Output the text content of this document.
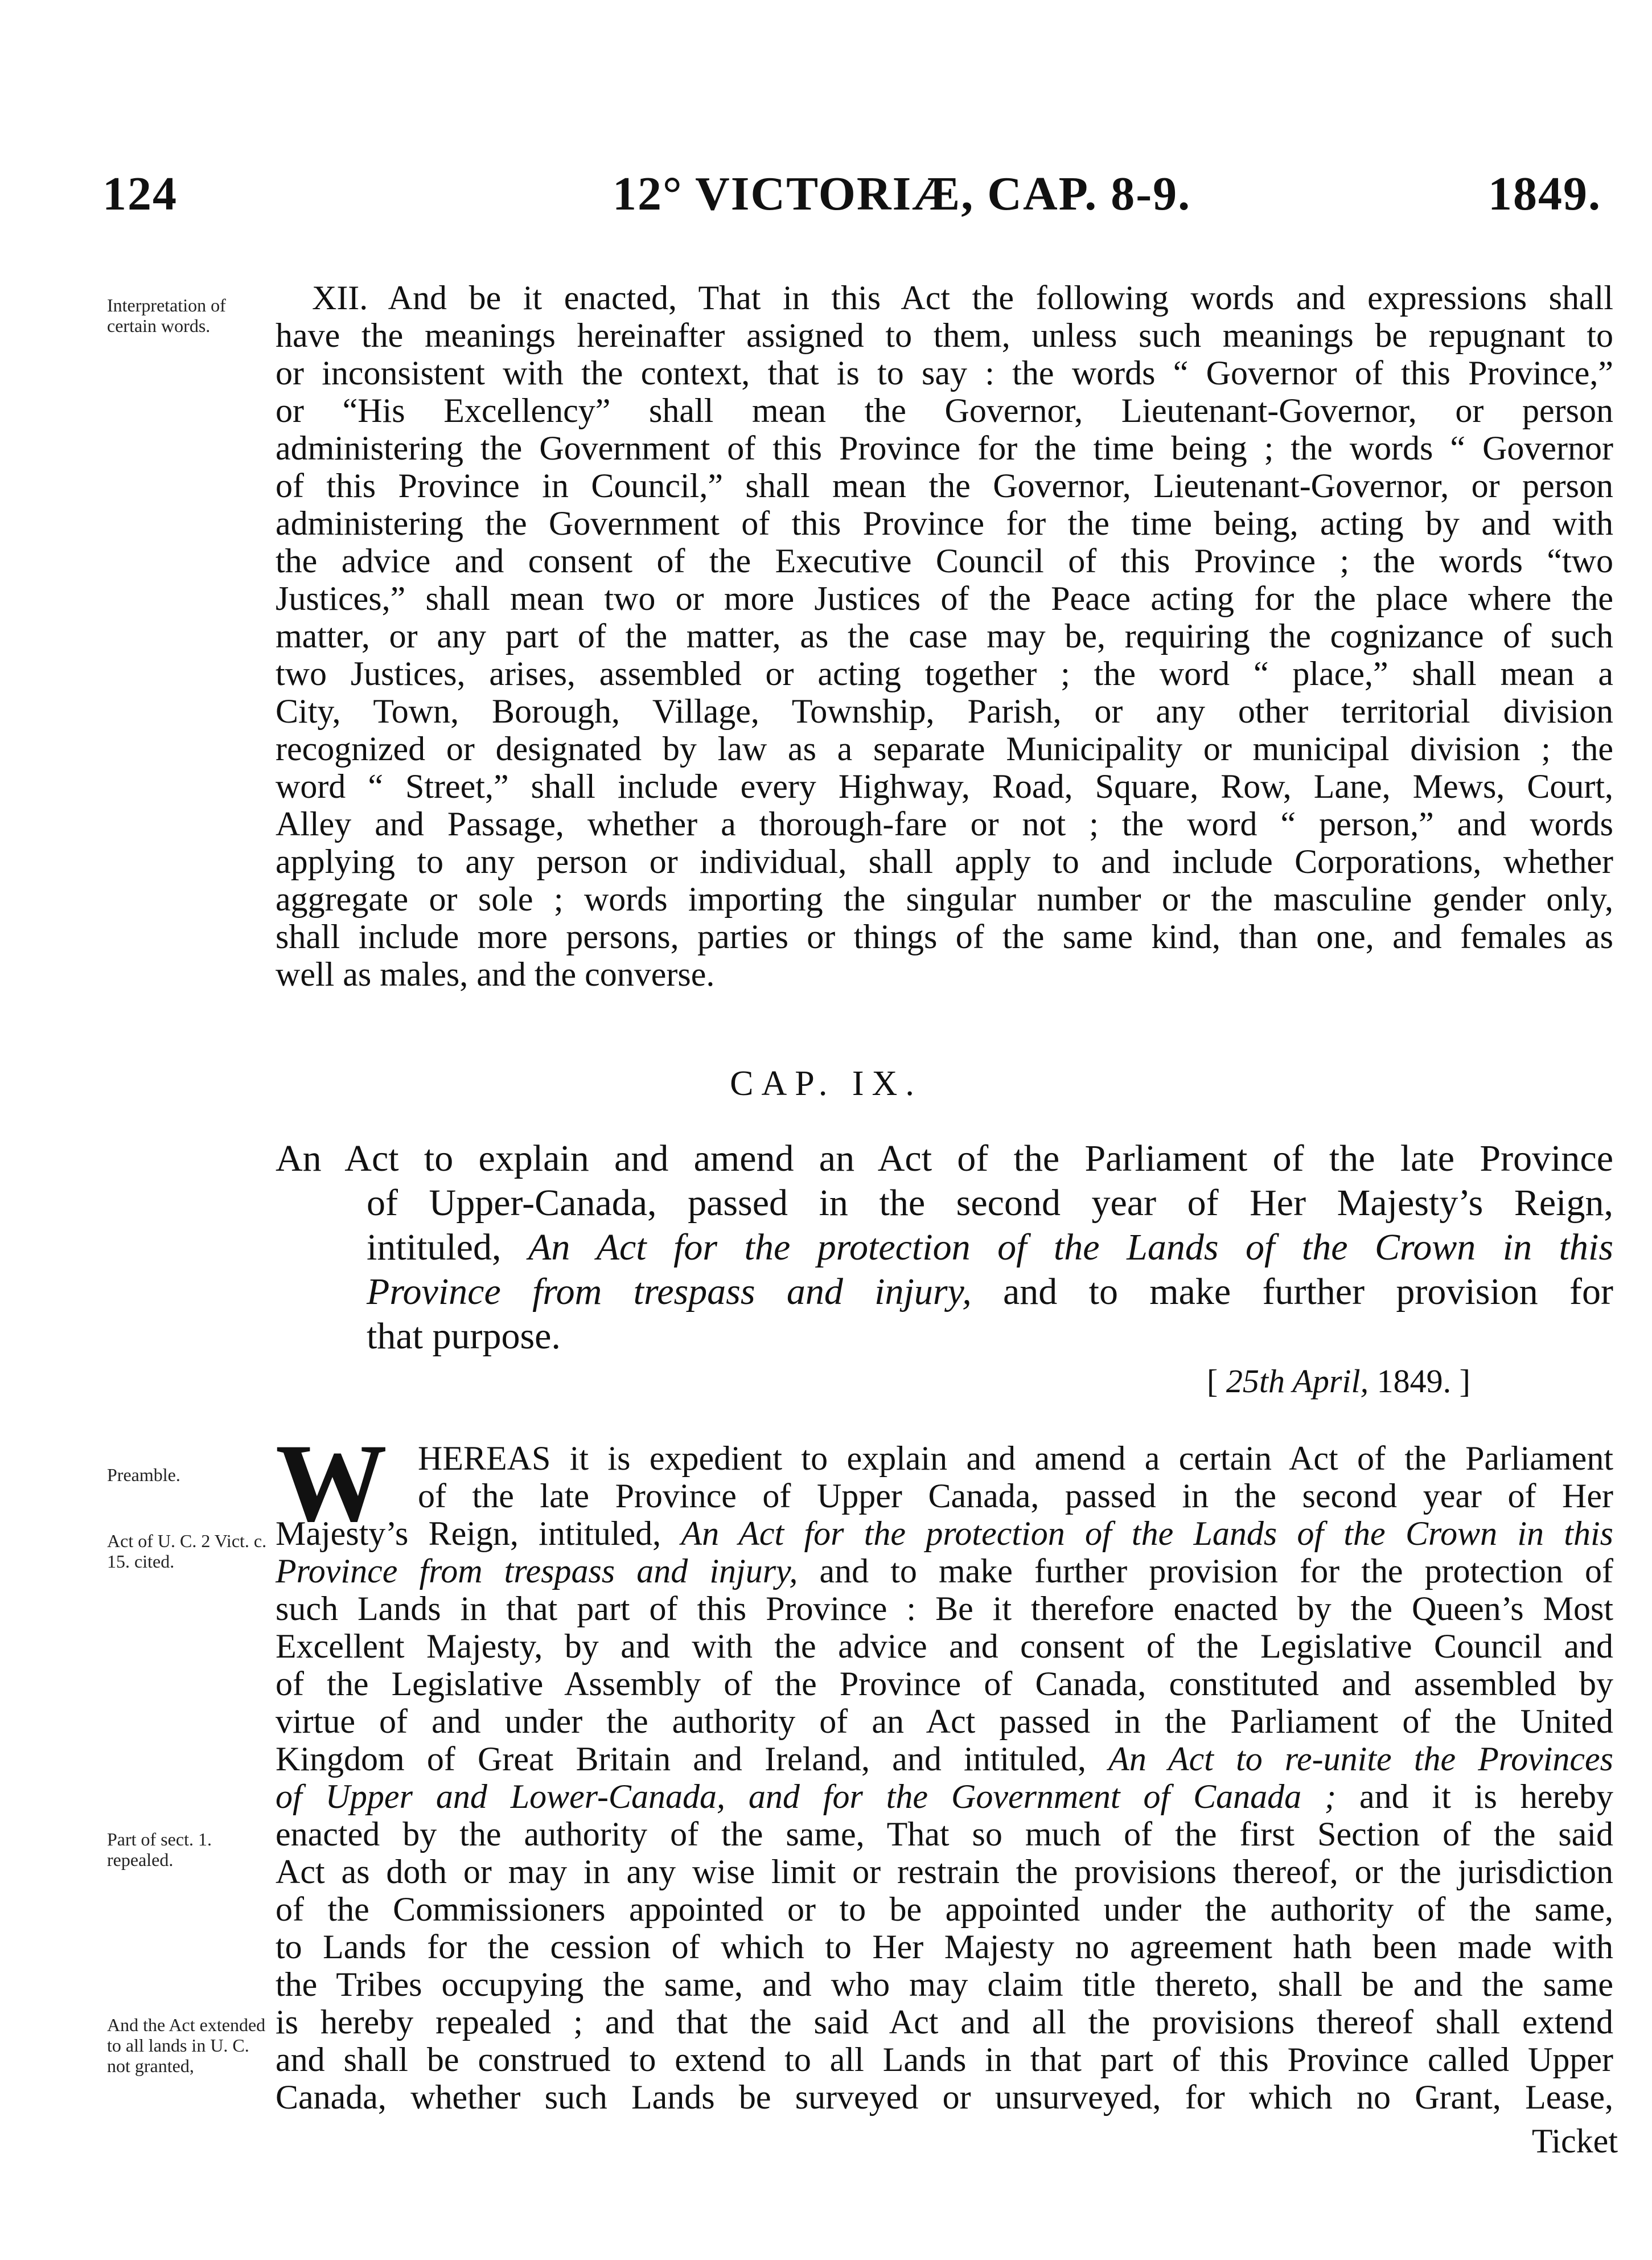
124	12° VICTORIÆ, CAP. 8-9.	1849.
Interpretation of certain words.
Preamble.
Act of U. C. 2 Vict. c. 15. cited.
Part of sect. 1. repealed.
And the Act extended to all lands in U. C. not granted,
XII. And be it enacted, That in this Act the following words and expressions shall
have the meanings hereinafter assigned to them, unless such meanings be repugnant to
or inconsistent with the context, that is to say : the words “ Governor of this Province,”
or “His Excellency” shall mean the Governor, Lieutenant-Governor, or person
administering the Government of this Province for the time being ; the words “ Governor
of this Province in Council,” shall mean the Governor, Lieutenant-Governor, or person
administering the Government of this Province for the time being, acting by and with
the advice and consent of the Executive Council of this Province ; the words “two
Justices,” shall mean two or more Justices of the Peace acting for the place where the
matter, or any part of the matter, as the case may be, requiring the cognizance of such
two Justices, arises, assembled or acting together ; the word “ place,” shall mean a
City, Town, Borough, Village, Township, Parish, or any other territorial division
recognized or designated by law as a separate Municipality or municipal division ; the
word “ Street,” shall include every Highway, Road, Square, Row, Lane, Mews, Court,
Alley and Passage, whether a thorough-fare or not ; the word “ person,” and words
applying to any person or individual, shall apply to and include Corporations, whether
aggregate or sole ; words importing the singular number or the masculine gender only,
shall include more persons, parties or things of the same kind, than one, and females as
well as males, and the converse.
CAP. IX.
An Act to explain and amend an Act of the Parliament of the late Province
of Upper-Canada, passed in the second year of Her Majesty’s Reign,
intituled, An Act for the protection of the Lands of the Crown in this
Province from trespass and injury, and to make further provision for
that purpose.
[ 25th April, 1849. ]
W HEREAS it is expedient to explain and amend a certain Act of the Parliament
of the late Province of Upper Canada, passed in the second year of Her
Majesty’s Reign, intituled, An Act for the protection of the Lands of the Crown in this
Province from trespass and injury, and to make further provision for the protection of
such Lands in that part of this Province : Be it therefore enacted by the Queen’s Most
Excellent Majesty, by and with the advice and consent of the Legislative Council and
of the Legislative Assembly of the Province of Canada, constituted and assembled by
virtue of and under the authority of an Act passed in the Parliament of the United
Kingdom of Great Britain and Ireland, and intituled, An Act to re-unite the Provinces
of Upper and Lower-Canada, and for the Government of Canada ; and it is hereby
enacted by the authority of the same, That so much of the first Section of the said
Act as doth or may in any wise limit or restrain the provisions thereof, or the jurisdiction
of the Commissioners appointed or to be appointed under the authority of the same,
to Lands for the cession of which to Her Majesty no agreement hath been made with
the Tribes occupying the same, and who may claim title thereto, shall be and the same
is hereby repealed ; and that the said Act and all the provisions thereof shall extend
and shall be construed to extend to all Lands in that part of this Province called Upper
Canada, whether such Lands be surveyed or unsurveyed, for which no Grant, Lease,
Ticket
